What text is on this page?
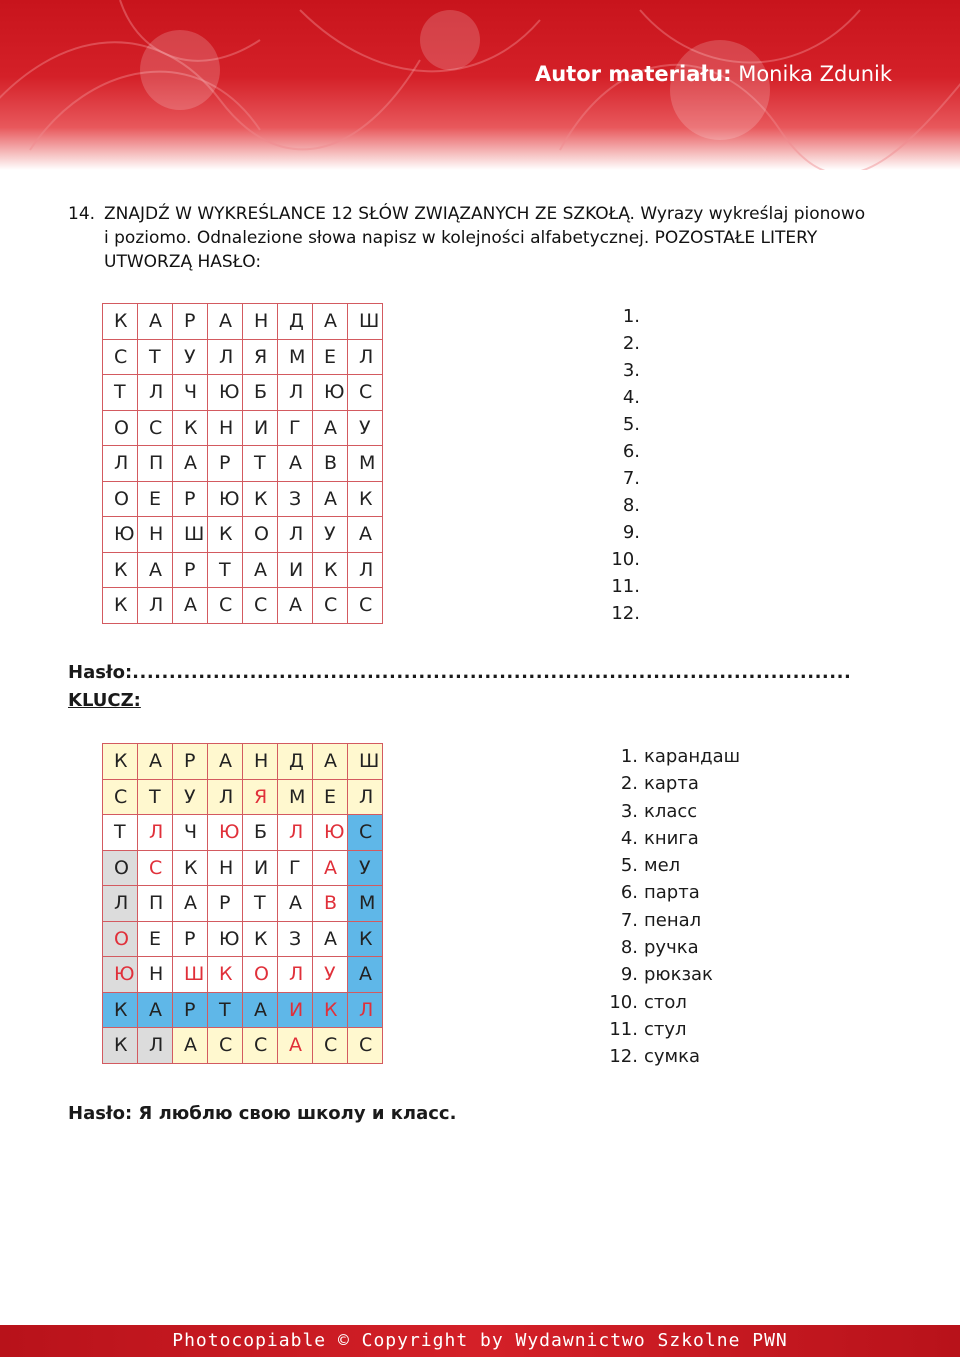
Autor materiału: Monika Zdunik
14. ZNAJDŹ W WYKREŚLANCE 12 SŁÓW ZWIĄZANYCH ZE SZKOŁĄ. Wyrazy wykreślaj pionowo
i poziomo. Odnalezione słowa napisz w kolejności alfabetycznej. POZOSTAŁE LITERY
UTWORZĄ HASŁO:
К	А	Р	А	Н	Д	А	Ш
С	Т	У	Л	Я	М	Е	Л
Т	Л	Ч	Ю	Б	Л	Ю	С
О	С	К	Н	И	Г	А	У
Л	П	А	Р	Т	А	В	М
О	Е	Р	Ю	К	З	А	К
Ю	Н	Ш	К	О	Л	У	А
К	А	Р	Т	А	И	К	Л
К	Л	А	С	С	А	С	С
1.
2.
3.
4.
5.
6.
7.
8.
9.
10.
11.
12.
Hasło:..................................................................................................
KLUCZ:
К	А	Р	А	Н	Д	А	Ш
С	Т	У	Л	Я	М	Е	Л
Т	Л	Ч	Ю	Б	Л	Ю	С
О	С	К	Н	И	Г	А	У
Л	П	А	Р	Т	А	В	М
О	Е	Р	Ю	К	З	А	К
Ю	Н	Ш	К	О	Л	У	А
К	А	Р	Т	А	И	К	Л
К	Л	А	С	С	А	С	С
1. карандаш
2. карта
3. класс
4. книга
5. мел
6. парта
7. пенал
8. ручка
9. рюкзак
10. стол
11. стул
12. сумка
Hasło: Я люблю свою школу и класс.
Photocopiable © Copyright by Wydawnictwo Szkolne PWN
